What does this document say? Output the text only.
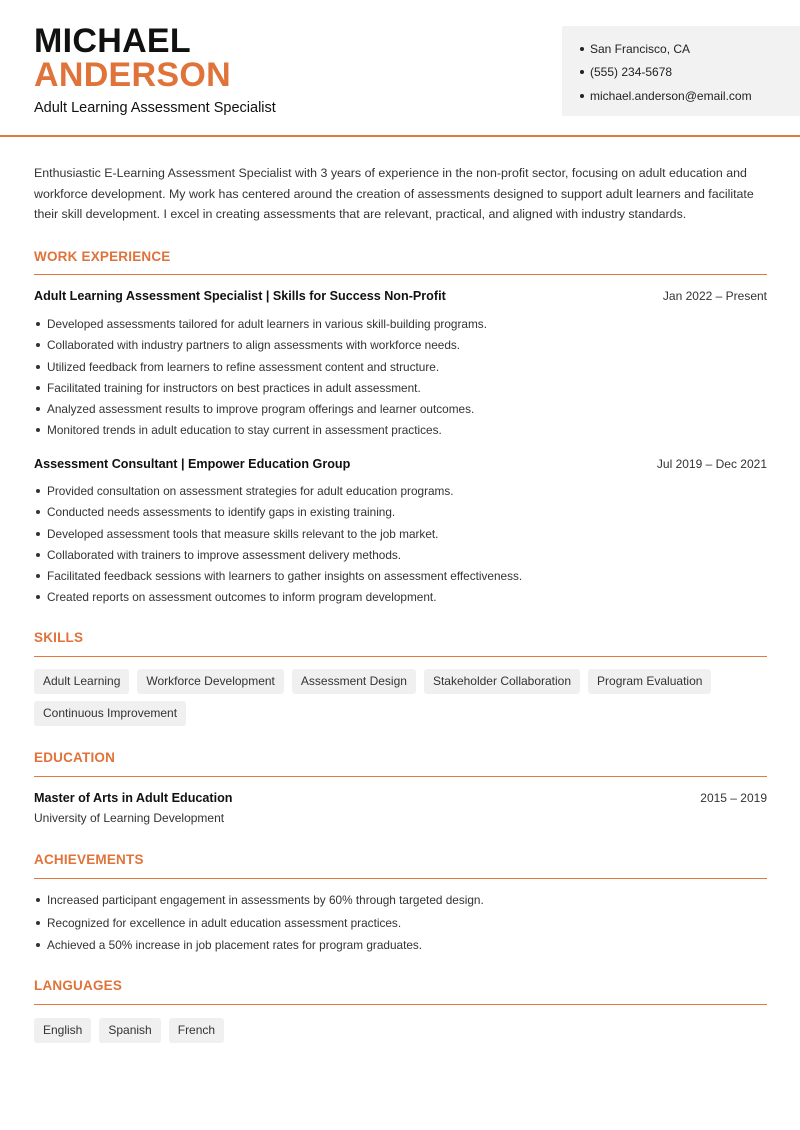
MICHAEL
ANDERSON
Adult Learning Assessment Specialist
San Francisco, CA
(555) 234-5678
michael.anderson@email.com

Enthusiastic E-Learning Assessment Specialist with 3 years of experience in the non-profit sector, focusing on adult education and workforce development. My work has centered around the creation of assessments designed to support adult learners and facilitate their skill development. I excel in creating assessments that are relevant, practical, and aligned with industry standards.

WORK EXPERIENCE
Adult Learning Assessment Specialist | Skills for Success Non-Profit	Jan 2022 – Present
Developed assessments tailored for adult learners in various skill-building programs.
Collaborated with industry partners to align assessments with workforce needs.
Utilized feedback from learners to refine assessment content and structure.
Facilitated training for instructors on best practices in adult assessment.
Analyzed assessment results to improve program offerings and learner outcomes.
Monitored trends in adult education to stay current in assessment practices.
Assessment Consultant | Empower Education Group	Jul 2019 – Dec 2021
Provided consultation on assessment strategies for adult education programs.
Conducted needs assessments to identify gaps in existing training.
Developed assessment tools that measure skills relevant to the job market.
Collaborated with trainers to improve assessment delivery methods.
Facilitated feedback sessions with learners to gather insights on assessment effectiveness.
Created reports on assessment outcomes to inform program development.
SKILLS
Adult Learning	Workforce Development	Assessment Design	Stakeholder Collaboration	Program Evaluation
Continuous Improvement
EDUCATION
Master of Arts in Adult Education	2015 – 2019
University of Learning Development
ACHIEVEMENTS
Increased participant engagement in assessments by 60% through targeted design.
Recognized for excellence in adult education assessment practices.
Achieved a 50% increase in job placement rates for program graduates.
LANGUAGES
English	Spanish	French
